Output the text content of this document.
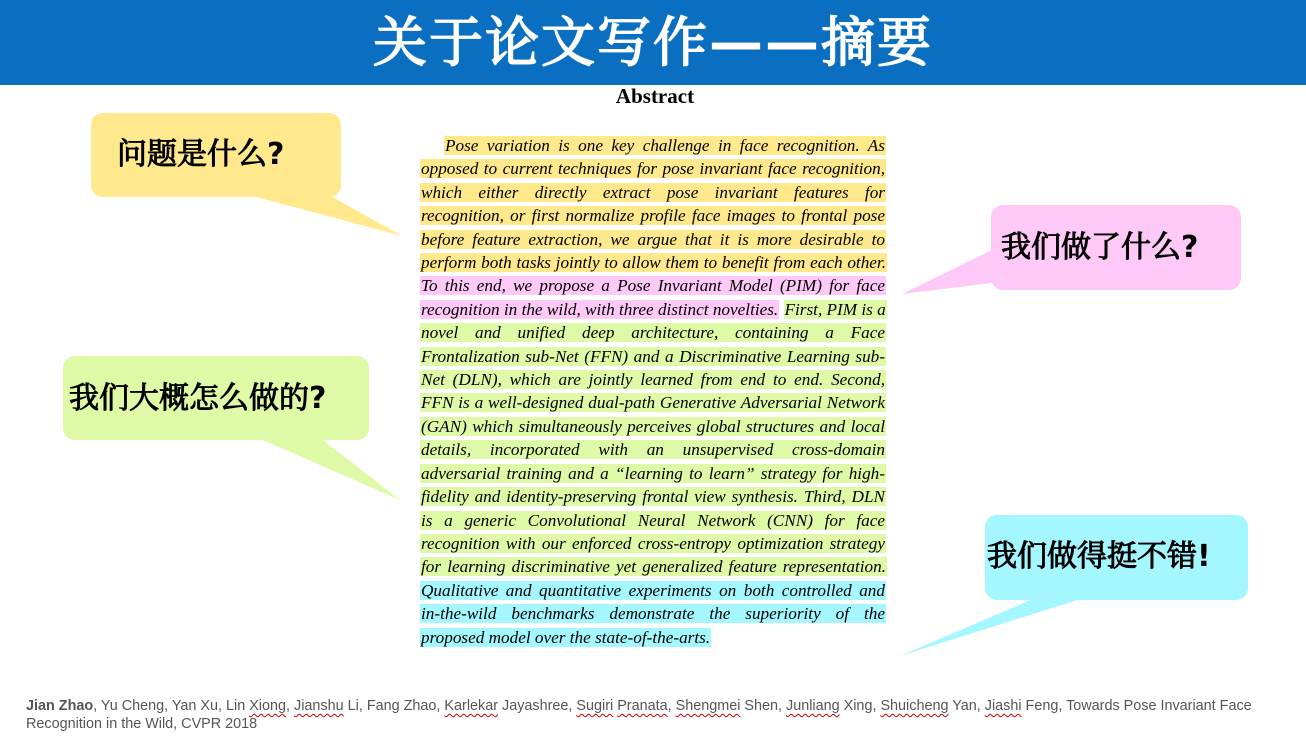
关于论文写作——摘要
Abstract

Pose variation is one key challenge in face recognition. As opposed to current techniques for pose invariant face recognition, which either directly extract pose invariant features for recognition, or first normalize profile face images to frontal pose before feature extraction, we argue that it is more desirable to perform both tasks jointly to allow them to benefit from each other. To this end, we propose a Pose Invariant Model (PIM) for face recognition in the wild, with three distinct novelties. First, PIM is a novel and unified deep architecture, containing a Face Frontalization sub-Net (FFN) and a Discriminative Learning sub-Net (DLN), which are jointly learned from end to end. Second, FFN is a well-designed dual-path Generative Adversarial Network (GAN) which simultaneously perceives global structures and local details, incorporated with an unsupervised cross-domain adversarial training and a “learning to learn” strategy for high-fidelity and identity-preserving frontal view synthesis. Third, DLN is a generic Convolutional Neural Network (CNN) for face recognition with our enforced cross-entropy optimization strategy for learning discriminative yet generalized feature representation. Qualitative and quantitative experiments on both controlled and in-the-wild benchmarks demonstrate the superiority of the proposed model over the state-of-the-arts.

问题是什么?
我们做了什么?
我们大概怎么做的?
我们做得挺不错!

Jian Zhao, Yu Cheng, Yan Xu, Lin Xiong, Jianshu Li, Fang Zhao, Karlekar Jayashree, Sugiri Pranata, Shengmei Shen, Junliang Xing, Shuicheng Yan, Jiashi Feng, Towards Pose Invariant Face Recognition in the Wild, CVPR 2018
